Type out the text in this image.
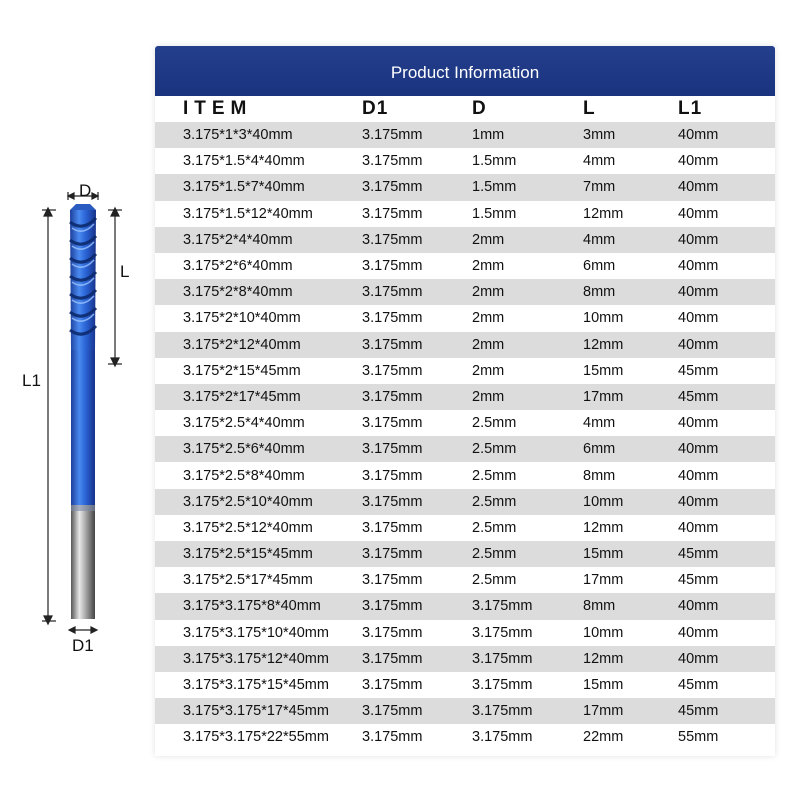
D
L
L1
D1
Product Information
ITEM	D1	D	L	L1
3.175*1*3*40mm	3.175mm	1mm	3mm	40mm
3.175*1.5*4*40mm	3.175mm	1.5mm	4mm	40mm
3.175*1.5*7*40mm	3.175mm	1.5mm	7mm	40mm
3.175*1.5*12*40mm	3.175mm	1.5mm	12mm	40mm
3.175*2*4*40mm	3.175mm	2mm	4mm	40mm
3.175*2*6*40mm	3.175mm	2mm	6mm	40mm
3.175*2*8*40mm	3.175mm	2mm	8mm	40mm
3.175*2*10*40mm	3.175mm	2mm	10mm	40mm
3.175*2*12*40mm	3.175mm	2mm	12mm	40mm
3.175*2*15*45mm	3.175mm	2mm	15mm	45mm
3.175*2*17*45mm	3.175mm	2mm	17mm	45mm
3.175*2.5*4*40mm	3.175mm	2.5mm	4mm	40mm
3.175*2.5*6*40mm	3.175mm	2.5mm	6mm	40mm
3.175*2.5*8*40mm	3.175mm	2.5mm	8mm	40mm
3.175*2.5*10*40mm	3.175mm	2.5mm	10mm	40mm
3.175*2.5*12*40mm	3.175mm	2.5mm	12mm	40mm
3.175*2.5*15*45mm	3.175mm	2.5mm	15mm	45mm
3.175*2.5*17*45mm	3.175mm	2.5mm	17mm	45mm
3.175*3.175*8*40mm	3.175mm	3.175mm	8mm	40mm
3.175*3.175*10*40mm	3.175mm	3.175mm	10mm	40mm
3.175*3.175*12*40mm	3.175mm	3.175mm	12mm	40mm
3.175*3.175*15*45mm	3.175mm	3.175mm	15mm	45mm
3.175*3.175*17*45mm	3.175mm	3.175mm	17mm	45mm
3.175*3.175*22*55mm	3.175mm	3.175mm	22mm	55mm
